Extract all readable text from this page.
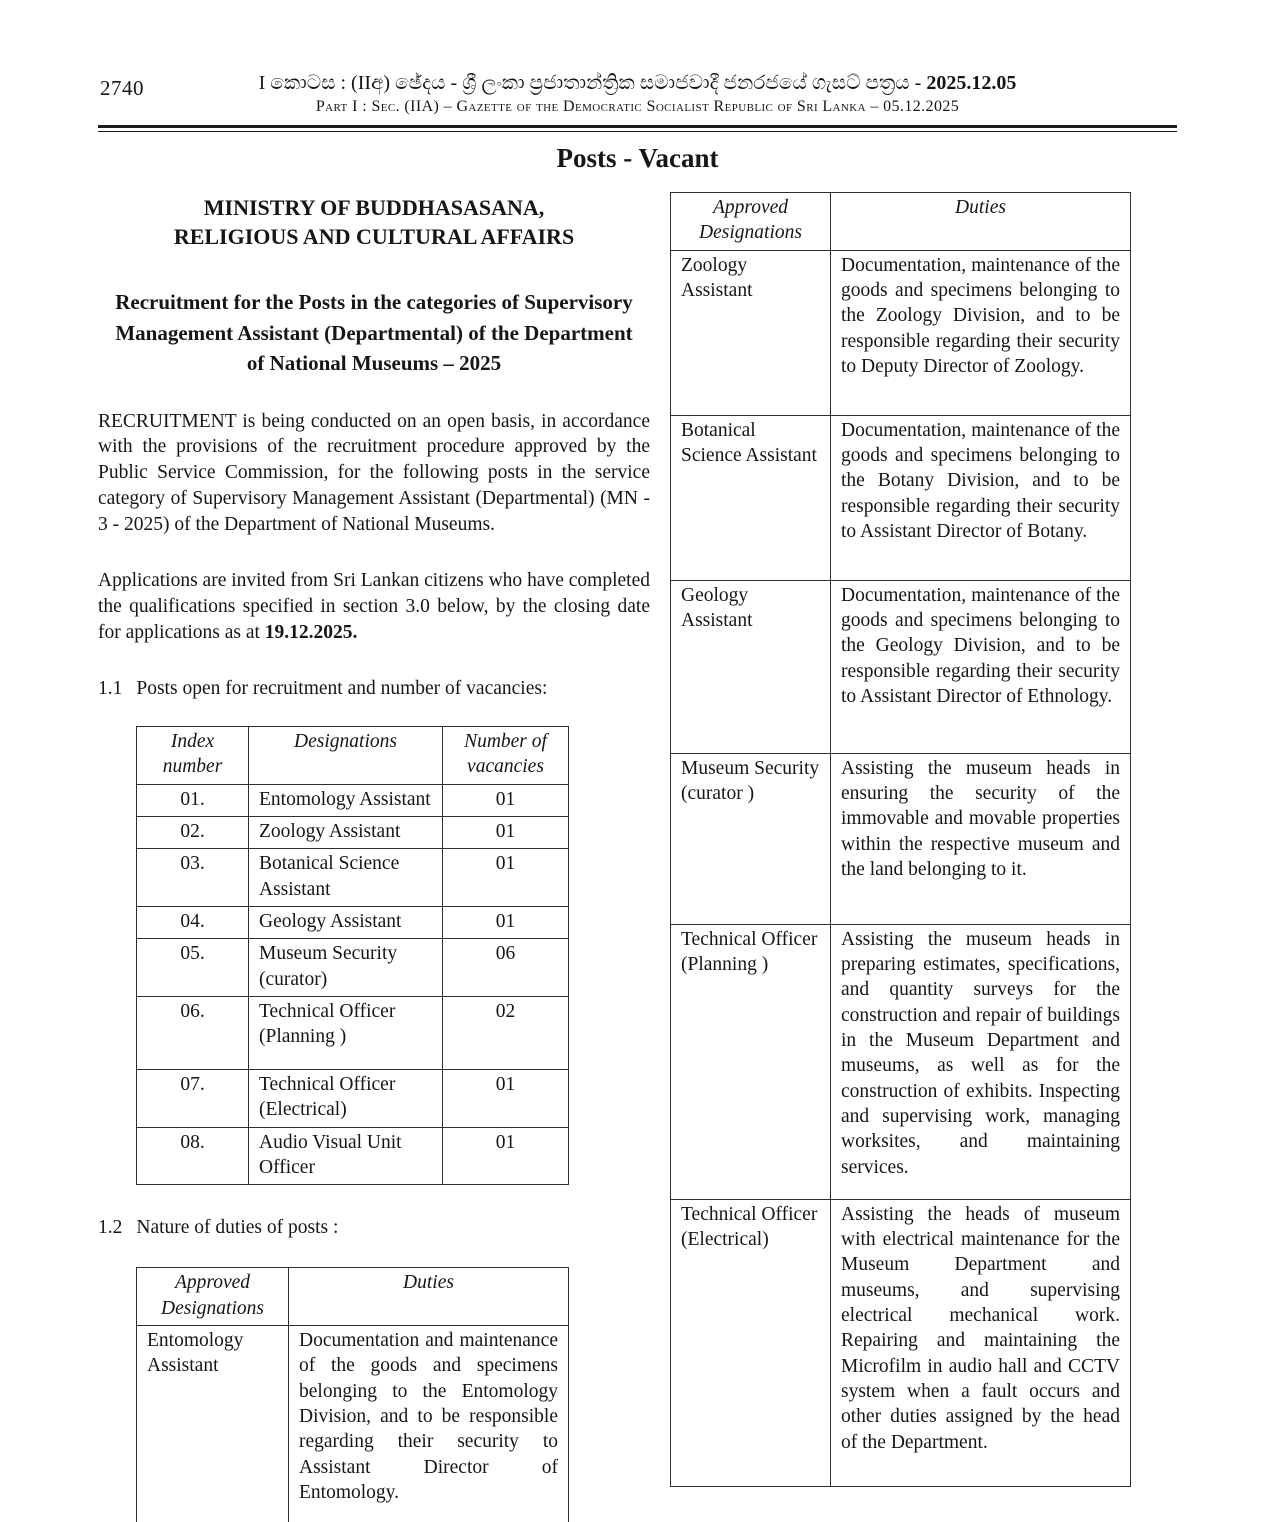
2740	I කොටස : (IIඅ) ඡේදය - ශ්‍රී ලංකා ප්‍රජාතාන්ත්‍රික සමාජවාදී ජනරජයේ ගැසට් පත්‍රය - 2025.12.05
Part I : Sec. (IIA) – Gazette of the Democratic Socialist Republic of Sri Lanka – 05.12.2025
Posts - Vacant
MINISTRY OF BUDDHASASANA,
RELIGIOUS AND CULTURAL AFFAIRS
Recruitment for the Posts in the categories of Supervisory Management Assistant (Departmental) of the Department of National Museums – 2025
RECRUITMENT is being conducted on an open basis, in accordance with the provisions of the recruitment procedure approved by the Public Service Commission, for the following posts in the service category of Supervisory Management Assistant (Departmental) (MN - 3 - 2025) of the Department of National Museums.
Applications are invited from Sri Lankan citizens who have completed the qualifications specified in section 3.0 below, by the closing date for applications as at 19.12.2025.
1.1 Posts open for recruitment and number of vacancies:
Index number	Designations	Number of vacancies
01.	Entomology Assistant	01
02.	Zoology Assistant	01
03.	Botanical Science Assistant	01
04.	Geology Assistant	01
05.	Museum Security (curator)	06
06.	Technical Officer (Planning )	02
07.	Technical Officer (Electrical)	01
08.	Audio Visual Unit Officer	01
1.2 Nature of duties of posts :
Approved Designations	Duties
Entomology Assistant	Documentation and maintenance of the goods and specimens belonging to the Entomology Division, and to be responsible regarding their security to Assistant Director of Entomology.
Approved Designations	Duties
Zoology Assistant	Documentation, maintenance of the goods and specimens belonging to the Zoology Division, and to be responsible regarding their security to Deputy Director of Zoology.
Botanical Science Assistant	Documentation, maintenance of the goods and specimens belonging to the Botany Division, and to be responsible regarding their security to Assistant Director of Botany.
Geology Assistant	Documentation, maintenance of the goods and specimens belonging to the Geology Division, and to be responsible regarding their security to Assistant Director of Ethnology.
Museum Security (curator )	Assisting the museum heads in ensuring the security of the immovable and movable properties within the respective museum and the land belonging to it.
Technical Officer (Planning )	Assisting the museum heads in preparing estimates, specifications, and quantity surveys for the construction and repair of buildings in the Museum Department and museums, as well as for the construction of exhibits. Inspecting and supervising work, managing worksites, and maintaining services.
Technical Officer (Electrical)	Assisting the heads of museum with electrical maintenance for the Museum Department and museums, and supervising electrical mechanical work. Repairing and maintaining the Microfilm in audio hall and CCTV system when a fault occurs and other duties assigned by the head of the Department.
